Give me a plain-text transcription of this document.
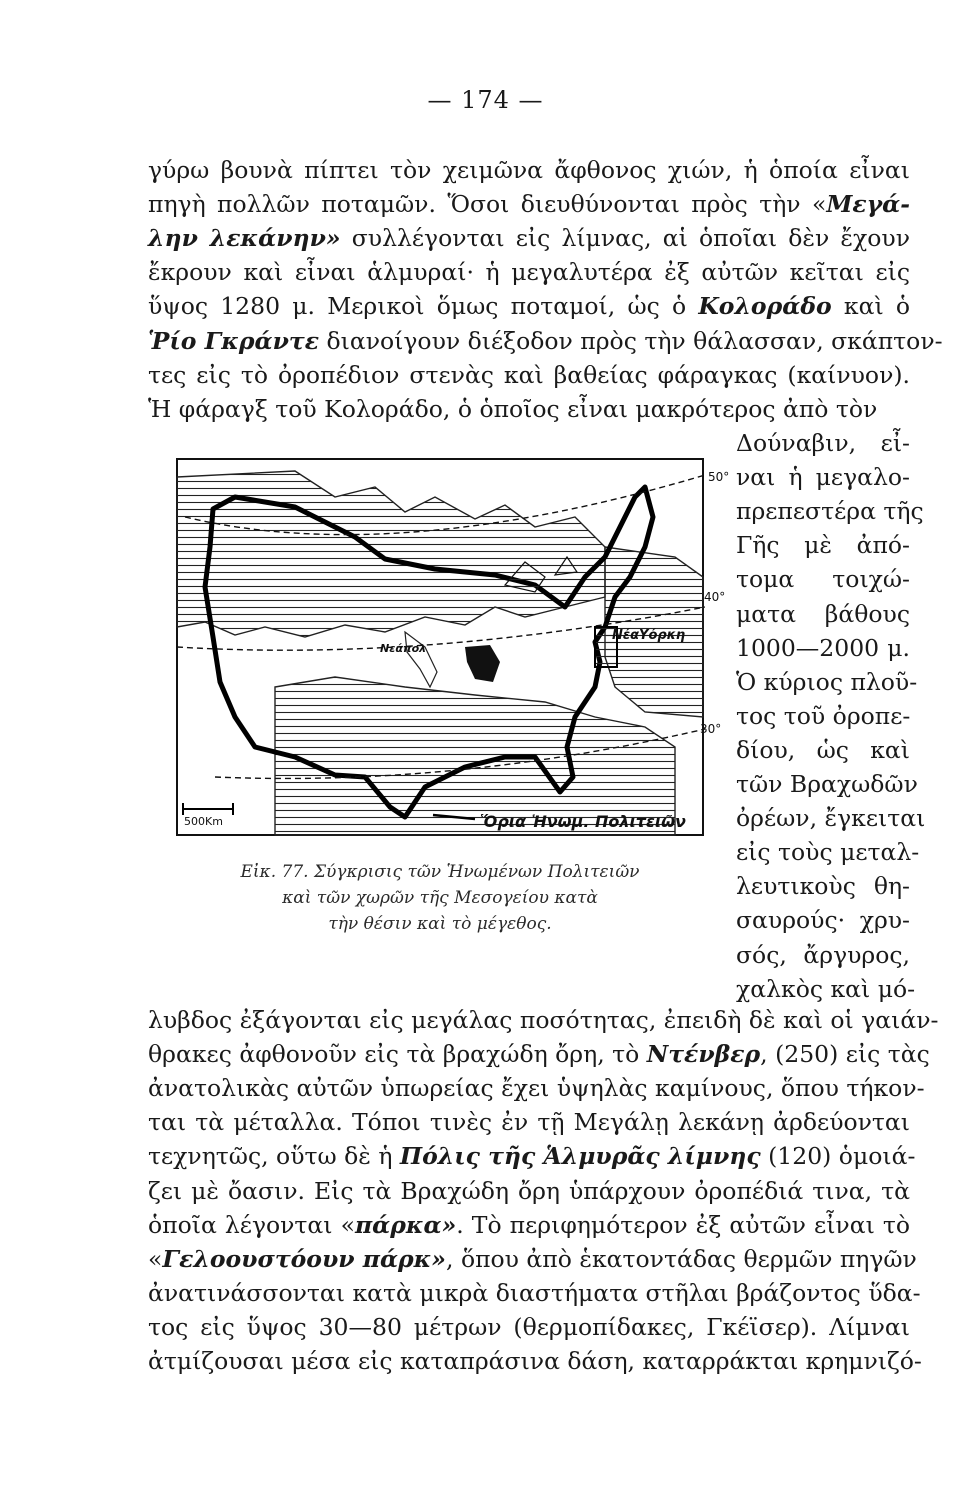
— 174 —
γύρω βουνὰ πίπτει τὸν χειμῶνα ἄφθονος χιών, ἡ ὁποία εἶναι
πηγὴ πολλῶν ποταμῶν. Ὅσοι διευθύνονται πρὸς τὴν «Μεγά-
λην λεκάνην» συλλέγονται εἰς λίμνας, αἱ ὁποῖαι δὲν ἔχουν
ἔκρουν καὶ εἶναι ἁλμυραί· ἡ μεγαλυτέρα ἐξ αὐτῶν κεῖται εἰς
ὕψος 1280 μ. Μερικοὶ ὅμως ποταμοί, ὡς ὁ Κολοράδο καὶ ὁ
Ῥίο Γκράντε διανοίγουν διέξοδον πρὸς τὴν θάλασσαν, σκάπτον-
τες εἰς τὸ ὀροπέδιον στενὰς καὶ βαθείας φάραγκας (καίνυον).
Ἡ φάραγξ τοῦ Κολοράδο, ὁ ὁποῖος εἶναι μακρότερος ἀπὸ τὸν
Δούναβιν, εἶ-
ναι ἡ μεγαλο-
πρεπεστέρα τῆς
Γῆς μὲ ἀπό-
τομα τοιχώ-
ματα βάθους
1000—2000 μ.
Ὁ κύριος πλοῦ-
τος τοῦ ὀροπε-
δίου, ὡς καὶ
τῶν Βραχωδῶν
ὀρέων, ἔγκειται
εἰς τοὺς μεταλ-
λευτικοὺς θη-
σαυρούς· χρυ-
σός, ἄργυρος,
χαλκὸς καὶ μό-
λυβδος ἐξάγονται εἰς μεγάλας ποσότητας, ἐπειδὴ δὲ καὶ οἱ γαιάν-
θρακες ἀφθονοῦν εἰς τὰ βραχώδη ὄρη, τὸ Ντένβερ, (250) εἰς τὰς
ἀνατολικὰς αὐτῶν ὑπωρείας ἔχει ὑψηλὰς καμίνους, ὅπου τήκον-
ται τὰ μέταλλα. Τόποι τινὲς ἐν τῇ Μεγάλῃ λεκάνῃ ἀρδεύονται
τεχνητῶς, οὕτω δὲ ἡ Πόλις τῆς Ἁλμυρᾶς λίμνης (120) ὁμοιά-
ζει μὲ ὄασιν. Εἰς τὰ Βραχώδη ὄρη ὑπάρχουν ὀροπέδιά τινα, τὰ
ὁποῖα λέγονται «πάρκα». Τὸ περιφημότερον ἐξ αὐτῶν εἶναι τὸ
«Γελοουστόουν πάρκ», ὅπου ἀπὸ ἑκατοντάδας θερμῶν πηγῶν
ἀνατινάσσονται κατὰ μικρὰ διαστήματα στῆλαι βράζοντος ὕδα-
τος εἰς ὕψος 30—80 μέτρων (θερμοπίδακες, Γκέϊσερ). Λίμναι
ἀτμίζουσαι μέσα εἰς καταπράσινα δάση, καταρράκται κρημνιζό-
500Km
50°
40°
30°
ΝέαΥόρκη
Νεάπολ
Ὅρια Ἡνωμ. Πολιτειῶν
Εἰκ. 77. Σύγκρισις τῶν Ἡνωμένων Πολιτειῶν
καὶ τῶν χωρῶν τῆς Μεσογείου κατὰ
τὴν θέσιν καὶ τὸ μέγεθος.
